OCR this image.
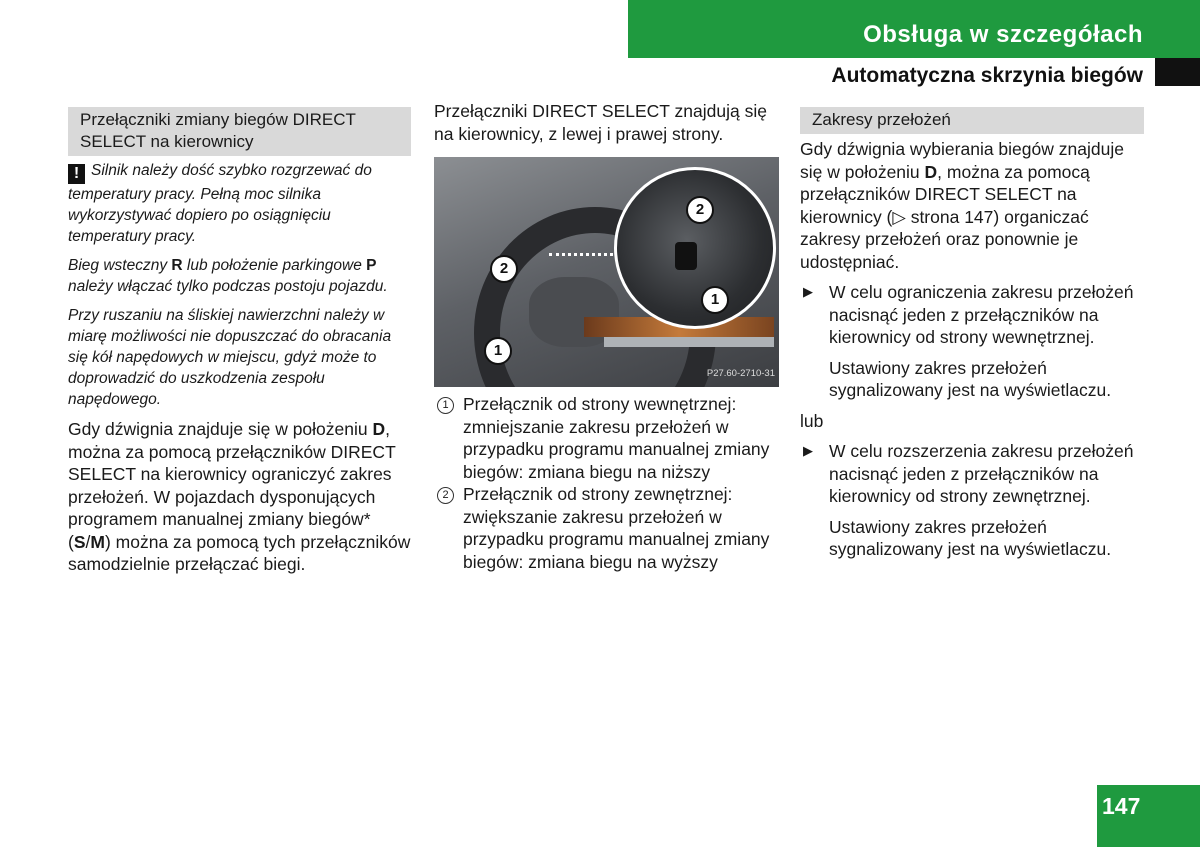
Obsługa w szczegółach
Automatyczna skrzynia biegów
Przełączniki zmiany biegów DIRECT SELECT na kierownicy

! Silnik należy dość szybko rozgrzewać do temperatury pracy. Pełną moc silnika wykorzystywać dopiero po osiągnięciu temperatury pracy.

Bieg wsteczny R lub położenie parkingowe P należy włączać tylko podczas postoju pojazdu.

Przy ruszaniu na śliskiej nawierzchni należy w miarę możliwości nie dopuszczać do obracania się kół napędowych w miejscu, gdyż może to doprowadzić do uszkodzenia zespołu napędowego.

Gdy dźwignia znajduje się w położeniu D, można za pomocą przełączników DIRECT SELECT na kierownicy ograniczyć zakres przełożeń. W pojazdach dysponujących programem manualnej zmiany biegów* (S/M) można za pomocą tych przełączników samodzielnie przełączać biegi.

Przełączniki DIRECT SELECT znajdują się na kierownicy, z lewej i prawej strony.

2
1
2
1
P27.60-2710-31
1 Przełącznik od strony wewnętrznej: zmniejszanie zakresu przełożeń w przypadku programu manualnej zmiany biegów: zmiana biegu na niższy
2 Przełącznik od strony zewnętrznej: zwiększanie zakresu przełożeń w przypadku programu manualnej zmiany biegów: zmiana biegu na wyższy
Zakresy przełożeń

Gdy dźwignia wybierania biegów znajduje się w położeniu D, można za pomocą przełączników DIRECT SELECT na kierownicy (▷ strona 147) organiczać zakresy przełożeń oraz ponownie je udostępniać.

▶ W celu ograniczenia zakresu przełożeń nacisnąć jeden z przełączników na kierownicy od strony wewnętrznej.

Ustawiony zakres przełożeń sygnalizowany jest na wyświetlaczu.

lub

▶ W celu rozszerzenia zakresu przełożeń nacisnąć jeden z przełączników na kierownicy od strony zewnętrznej.

Ustawiony zakres przełożeń sygnalizowany jest na wyświetlaczu.

147
